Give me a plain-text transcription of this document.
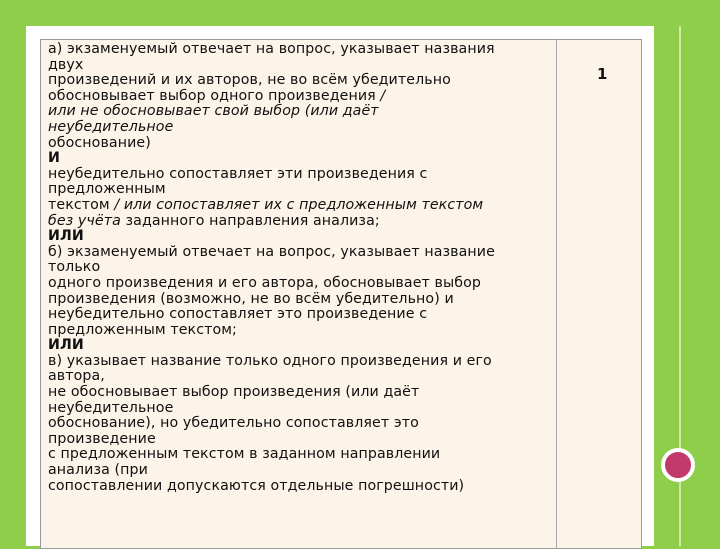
а) экзаменуемый отвечает на вопрос, указывает названия
двух
произведений и их авторов, не во всём убедительно
обосновывает выбор одного произведения /
или не обосновывает свой выбор (или даёт
неубедительное
обоснование)
И
неубедительно сопоставляет эти произведения с
предложенным
текстом / или сопоставляет их с предложенным текстом
без учёта заданного направления анализа;
ИЛИ
б) экзаменуемый отвечает на вопрос, указывает название
только
одного произведения и его автора, обосновывает выбор
произведения (возможно, не во всём убедительно) и
неубедительно сопоставляет это произведение с
предложенным текстом;
ИЛИ
в) указывает название только одного произведения и его
автора,
не обосновывает выбор произведения (или даёт
неубедительное
обоснование), но убедительно сопоставляет это
произведение
с предложенным текстом в заданном направлении
анализа (при
сопоставлении допускаются отдельные погрешности)
1
